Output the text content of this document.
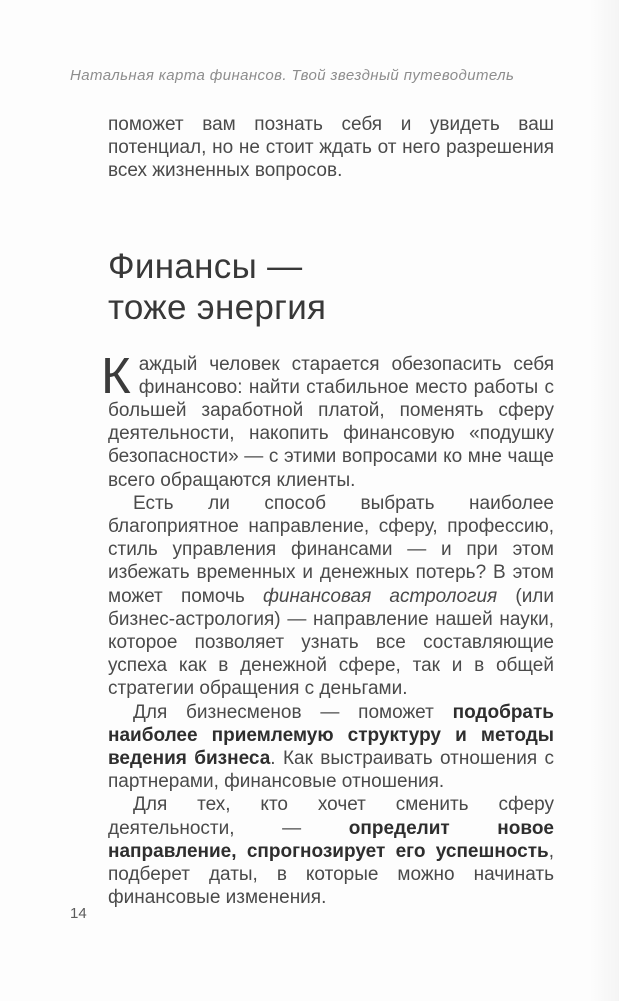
Натальная карта финансов. Твой звездный путеводитель

поможет вам познать себя и увидеть ваш потенциал, но не стоит ждать от него разрешения всех жизненных вопросов.

Финансы —
тоже энергия

Каждый человек старается обезопасить себя финансово: найти стабильное место работы с большей заработной платой, поменять сферу деятельности, накопить финансовую «подушку безопасности» — с этими вопросами ко мне чаще всего обращаются клиенты.

Есть ли способ выбрать наиболее благоприятное направление, сферу, профессию, стиль управления финансами — и при этом избежать временных и денежных потерь? В этом может помочь финансовая астрология (или бизнес-астрология) — направление нашей науки, которое позволяет узнать все составляющие успеха как в денежной сфере, так и в общей стратегии обращения с деньгами.

Для бизнесменов — поможет подобрать наиболее приемлемую структуру и методы ведения бизнеса. Как выстраивать отношения с партнерами, финансовые отношения.

Для тех, кто хочет сменить сферу деятельности, — определит новое направление, спрогнозирует его успешность, подберет даты, в которые можно начинать финансовые изменения.

14
